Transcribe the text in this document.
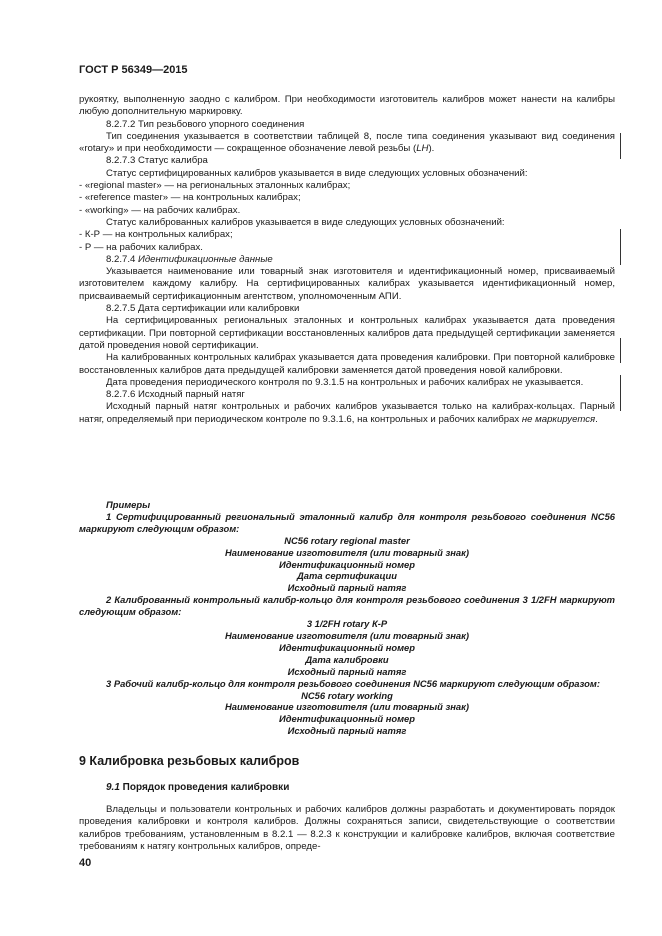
ГОСТ Р 56349—2015

рукоятку, выполненную заодно с калибром. При необходимости изготовитель калибров может нанести на калибры любую дополнительную маркировку.

8.2.7.2 Тип резьбового упорного соединения

Тип соединения указывается в соответствии таблицей 8, после типа соединения указывают вид соединения «rotary» и при необходимости — сокращенное обозначение левой резьбы (LH).

8.2.7.3 Статус калибра

Статус сертифицированных калибров указывается в виде следующих условных обозначений:

- «regional master» — на региональных эталонных калибрах;

- «reference master» — на контрольных калибрах;

- «working» — на рабочих калибрах.

Статус калиброванных калибров указывается в виде следующих условных обозначений:

- К-Р — на контрольных калибрах;

- Р — на рабочих калибрах.

8.2.7.4 Идентификационные данные

Указывается наименование или товарный знак изготовителя и идентификационный номер, присваиваемый изготовителем каждому калибру. На сертифицированных калибрах указывается идентификационный номер, присваиваемый сертификационным агентством, уполномоченным АПИ.

8.2.7.5 Дата сертификации или калибровки

На сертифицированных региональных эталонных и контрольных калибрах указывается дата проведения сертификации. При повторной сертификации восстановленных калибров дата предыдущей сертификации заменяется датой проведения новой сертификации.

На калиброванных контрольных калибрах указывается дата проведения калибровки. При повторной калибровке восстановленных калибров дата предыдущей калибровки заменяется датой проведения новой калибровки.

Дата проведения периодического контроля по 9.3.1.5 на контрольных и рабочих калибрах не указывается.

8.2.7.6 Исходный парный натяг

Исходный парный натяг контрольных и рабочих калибров указывается только на калибрах-кольцах. Парный натяг, определяемый при периодическом контроле по 9.3.1.6, на контрольных и рабочих калибрах не маркируется.

Примеры

1 Сертифицированный региональный эталонный калибр для контроля резьбового соединения NC56 маркируют следующим образом:

NC56 rotary regional master

Наименование изготовителя (или товарный знак)

Идентификационный номер

Дата сертификации

Исходный парный натяг

2 Калиброванный контрольный калибр-кольцо для контроля резьбового соединения 3 1/2FH маркируют следующим образом:

3 1/2FH rotary К-Р

Наименование изготовителя (или товарный знак)

Идентификационный номер

Дата калибровки

Исходный парный натяг

3 Рабочий калибр-кольцо для контроля резьбового соединения NC56 маркируют следующим образом:

NC56 rotary working

Наименование изготовителя (или товарный знак)

Идентификационный номер

Исходный парный натяг

9 Калибровка резьбовых калибров
9.1 Порядок проведения калибровки

Владельцы и пользователи контрольных и рабочих калибров должны разработать и документировать порядок проведения калибровки и контроля калибров. Должны сохраняться записи, свидетельствующие о соответствии калибров требованиям, установленным в 8.2.1 — 8.2.3 к конструкции и калибровке калибров, включая соответствие требованиям к натягу контрольных калибров, опреде-

40
